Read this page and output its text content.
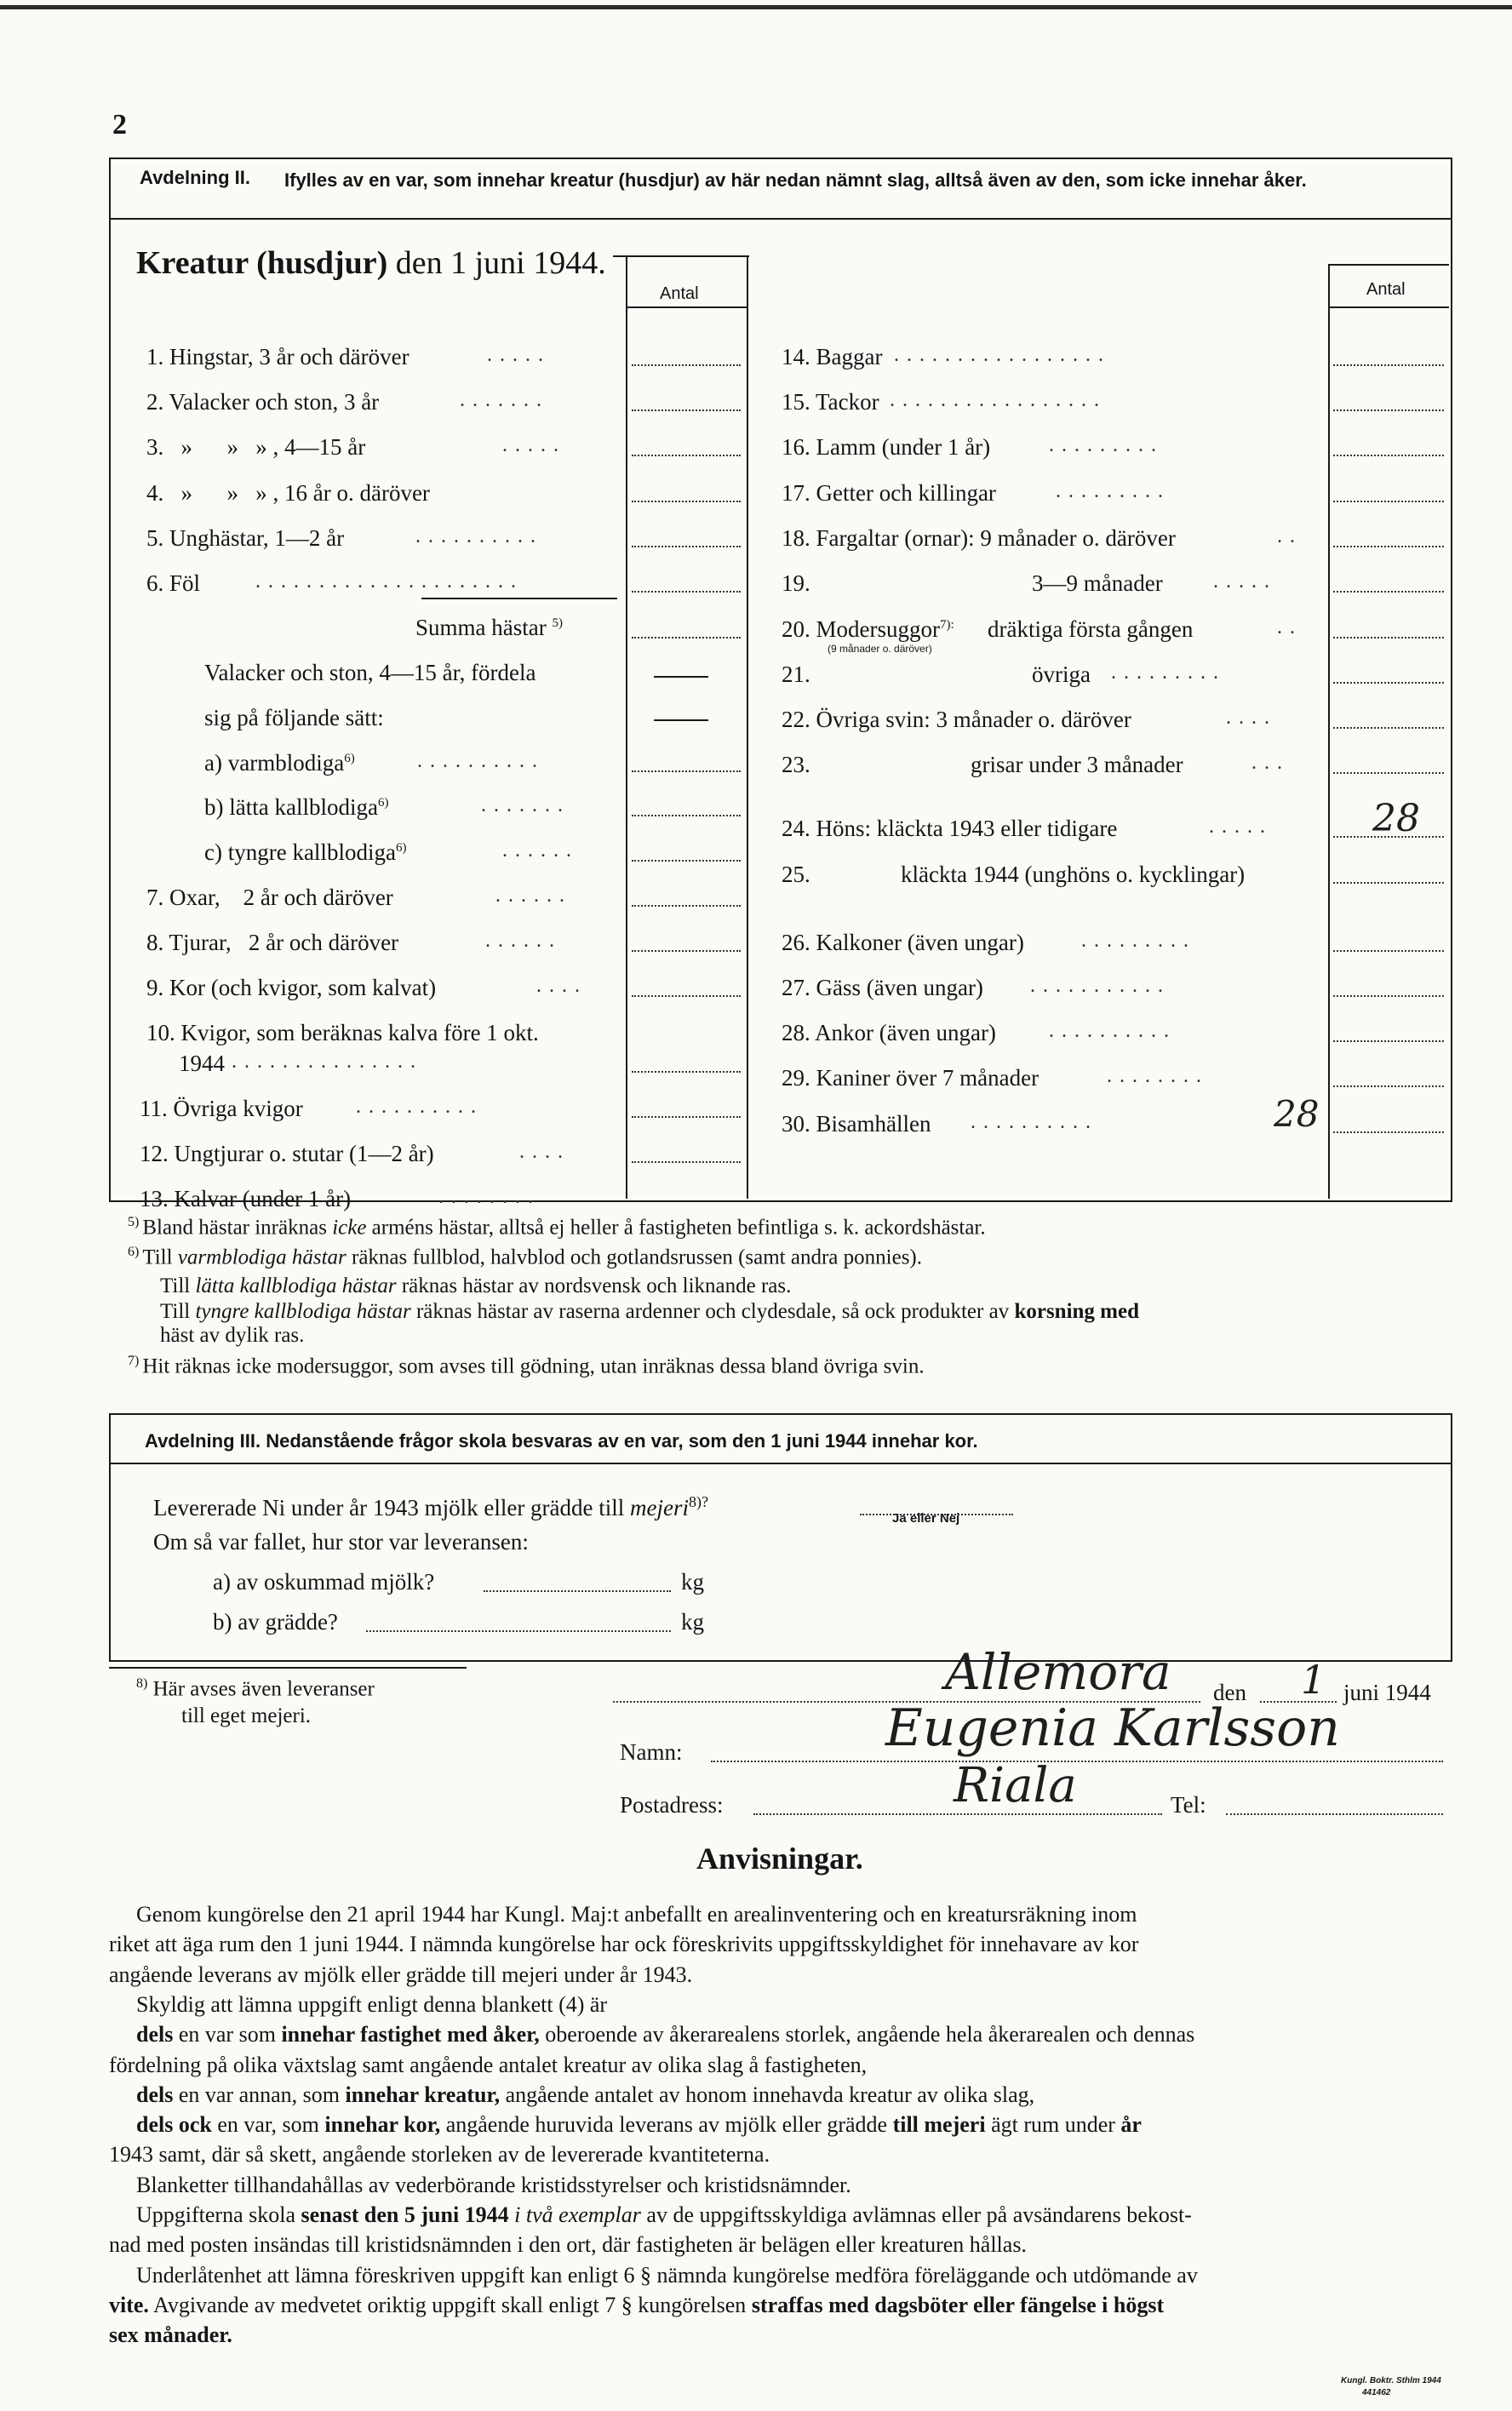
2
Avdelning II.	Ifylles av en var, som innehar kreatur (husdjur) av här nedan nämnt slag, alltså även av den, som icke innehar åker.
Kreatur (husdjur) den 1 juni 1944.
Antal	Antal
1. Hingstar, 3 år och däröver	.....
2. Valacker och ston, 3 år	.......
3.   »      »   » , 4—15 år	.....
4.   »      »   » , 16 år o. däröver
5. Unghästar, 1—2 år	..........
6. Föl	.....................
Summa hästar $^{5)}$
Valacker och ston, 4—15 år, fördela
sig på följande sätt:
a) varmblodiga$^{6)}$	..........
b) lätta kallblodiga$^{6)}$	.......
c) tyngre kallblodiga$^{6)}$	......
7. Oxar,    2 år och däröver	......
8. Tjurar,   2 år och däröver	......
9. Kor (och kvigor, som kalvat)	....
10. Kvigor, som beräknas kalva före 1 okt.
1944 ...............
11. Övriga kvigor	..........
12. Ungtjurar o. stutar (1—2 år)	....
13. Kalvar (under 1 år)	........
14. Baggar .................
15. Tackor .................
16. Lamm (under 1 år)	.........
17. Getter och killingar	.........
18. Fargaltar (ornar): 9 månader o. däröver	..
19.	3—9 månader .....
20. Modersuggor$^{7):}$ dräktiga första gången	..
(9 månader o. däröver)
21.	övriga .........
22. Övriga svin: 3 månader o. däröver	....
23.	grisar under 3 månader	...
24. Höns: kläckta 1943 eller tidigare	.....	28
25.	kläckta 1944 (unghöns o. kycklingar)
26. Kalkoner (även ungar)	.........
27. Gäss (även ungar) ...........
28. Ankor (även ungar)	..........
29. Kaniner över 7 månader	........
30. Bisamhällen ..........	28
$^{5)}$ Bland hästar inräknas icke arméns hästar, alltså ej heller å fastigheten befintliga s. k. ackordshästar.
$^{6)}$ Till varmblodiga hästar räknas fullblod, halvblod och gotlandsrussen (samt andra ponnies).
Till lätta kallblodiga hästar räknas hästar av nordsvensk och liknande ras.
Till tyngre kallblodiga hästar räknas hästar av raserna ardenner och clydesdale, så ock produkter av korsning med
häst av dylik ras.
$^{7)}$ Hit räknas icke modersuggor, som avses till gödning, utan inräknas dessa bland övriga svin.
Avdelning III. Nedanstående frågor skola besvaras av en var, som den 1 juni 1944 innehar kor.
Levererade Ni under år 1943 mjölk eller grädde till mejeri$^{8)?}$
Ja eller Nej
Om så var fallet, hur stor var leveransen:
a) av oskummad mjölk?	kg
b) av grädde?	kg
$^{8)}$ Här avses även leveranser
till eget mejeri.
Allemora den 1 juni 1944
Namn:	Eugenia Karlsson
Postadress:	Riala	Tel:
Anvisningar.
Genom kungörelse den 21 april 1944 har Kungl. Maj:t anbefallt en arealinventering och en kreatursräkning inom
riket att äga rum den 1 juni 1944. I nämnda kungörelse har ock föreskrivits uppgiftsskyldighet för innehavare av kor
angående leverans av mjölk eller grädde till mejeri under år 1943.
Skyldig att lämna uppgift enligt denna blankett (4) är
dels en var som innehar fastighet med åker, oberoende av åkerarealens storlek, angående hela åkerarealen och dennas
fördelning på olika växtslag samt angående antalet kreatur av olika slag å fastigheten,
dels en var annan, som innehar kreatur, angående antalet av honom innehavda kreatur av olika slag,
dels ock en var, som innehar kor, angående huruvida leverans av mjölk eller grädde till mejeri ägt rum under år
1943 samt, där så skett, angående storleken av de levererade kvantiteterna.
Blanketter tillhandahållas av vederbörande kristidsstyrelser och kristidsnämnder.
Uppgifterna skola senast den 5 juni 1944 i två exemplar av de uppgiftsskyldiga avlämnas eller på avsändarens bekost-
nad med posten insändas till kristidsnämnden i den ort, där fastigheten är belägen eller kreaturen hållas.
Underlåtenhet att lämna föreskriven uppgift kan enligt 6 § nämnda kungörelse medföra föreläggande och utdömande av
vite. Avgivande av medvetet oriktig uppgift skall enligt 7 § kungörelsen straffas med dagsböter eller fängelse i högst
sex månader.
Kungl. Boktr. Sthlm 1944
441462
